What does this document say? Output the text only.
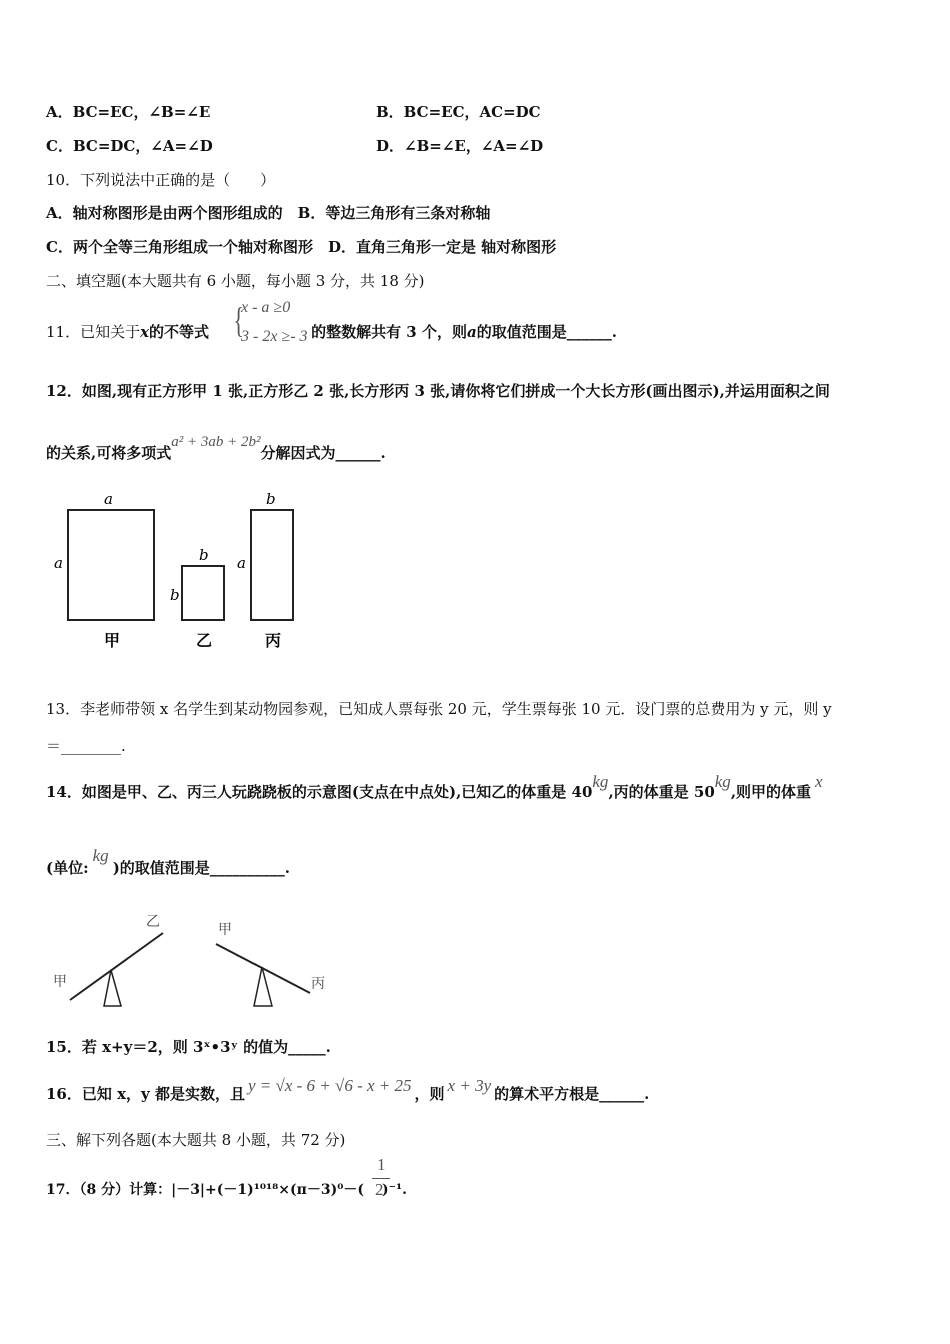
A．BC=EC，∠B=∠E	B．BC=EC，AC=DC
C．BC=DC，∠A=∠D	D．∠B=∠E，∠A=∠D
10．下列说法中正确的是（　　）
A．轴对称图形是由两个图形组成的　B．等边三角形有三条对称轴
C．两个全等三角形组成一个轴对称图形　D．直角三角形一定是 轴对称图形
二、填空题(本大题共有 6 小题，每小题 3 分，共 18 分)
11．已知关于x的不等式	的整数解共有 3 个，则a的取值范围是______.
{
x - a ≥0
3 - 2x ≥- 3
12．如图,现有正方形甲 1 张,正方形乙 2 张,长方形丙 3 张,请你将它们拼成一个大长方形(画出图示),并运用面积之间
的关系,可将多项式a² + 3ab + 2b²分解因式为______.
a
a
甲
b
b
乙
b
a
丙
13．李老师带领 x 名学生到某动物园参观，已知成人票每张 20 元，学生票每张 10 元．设门票的总费用为 y 元，则 y
＝________.
14．如图是甲、乙、丙三人玩跷跷板的示意图(支点在中点处),已知乙的体重是 40kg,丙的体重是 50kg,则甲的体重x
(单位:kg)的取值范围是__________.
甲
乙	甲
丙
15．若 x+y＝2，则 3ˣ•3ʸ 的值为_____.
16．已知 x，y 都是实数，且 y = √x - 6 + √6 - x + 25 ，则 x + 3y 的算术平方根是______.
三、解下列各题(本大题共 8 小题，共 72 分)
17．（8 分）计算：|－3|+(－1)¹⁰¹⁸×(π－3)⁰－( )⁻¹.
1
2
